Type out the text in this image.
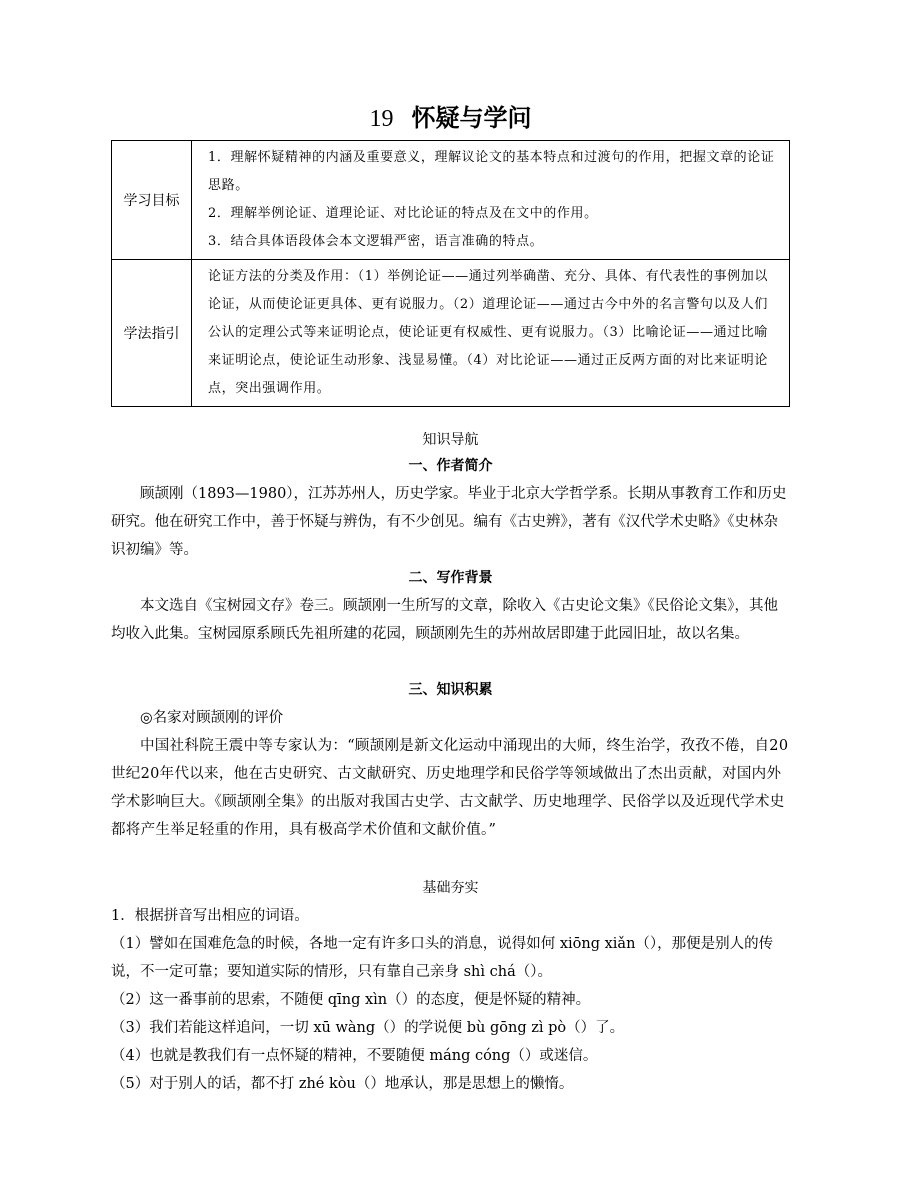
19 怀疑与学问
学习目标	1．理解怀疑精神的内涵及重要意义，理解议论文的基本特点和过渡句的作用，把握文章的论证思路。

2．理解举例论证、道理论证、对比论证的特点及在文中的作用。

3．结合具体语段体会本文逻辑严密，语言准确的特点。

学法指引	论证方法的分类及作用：（1）举例论证——通过列举确凿、充分、具体、有代表性的事例加以论证，从而使论证更具体、更有说服力。（2）道理论证——通过古今中外的名言警句以及人们公认的定理公式等来证明论点，使论证更有权威性、更有说服力。（3）比喻论证——通过比喻来证明论点，使论证生动形象、浅显易懂。（4）对比论证——通过正反两方面的对比来证明论点，突出强调作用。

知识导航
一、作者简介

顾颉刚（1893—1980），江苏苏州人，历史学家。毕业于北京大学哲学系。长期从事教育工作和历史研究。他在研究工作中，善于怀疑与辨伪，有不少创见。编有《古史辨》，著有《汉代学术史略》《史林杂识初编》等。

二、写作背景

本文选自《宝树园文存》卷三。顾颉刚一生所写的文章，除收入《古史论文集》《民俗论文集》，其他均收入此集。宝树园原系顾氏先祖所建的花园，顾颉刚先生的苏州故居即建于此园旧址，故以名集。

三、知识积累

◎名家对顾颉刚的评价

中国社科院王震中等专家认为：“顾颉刚是新文化运动中涌现出的大师，终生治学，孜孜不倦，自20世纪20年代以来，他在古史研究、古文献研究、历史地理学和民俗学等领域做出了杰出贡献，对国内外学术影响巨大。《顾颉刚全集》的出版对我国古史学、古文献学、历史地理学、民俗学以及近现代学术史都将产生举足轻重的作用，具有极高学术价值和文献价值。”

基础夯实

1．根据拼音写出相应的词语。

（1）譬如在国难危急的时候，各地一定有许多口头的消息，说得如何 xiōng xiǎn（），那便是别人的传说，不一定可靠；要知道实际的情形，只有靠自己亲身 shì chá（）。

（2）这一番事前的思索，不随便 qīng xìn（）的态度，便是怀疑的精神。

（3）我们若能这样追问，一切 xū wàng（）的学说便 bù gōng zì pò（）了。

（4）也就是教我们有一点怀疑的精神，不要随便 máng cóng（）或迷信。

（5）对于别人的话，都不打 zhé kòu（）地承认，那是思想上的懒惰。
